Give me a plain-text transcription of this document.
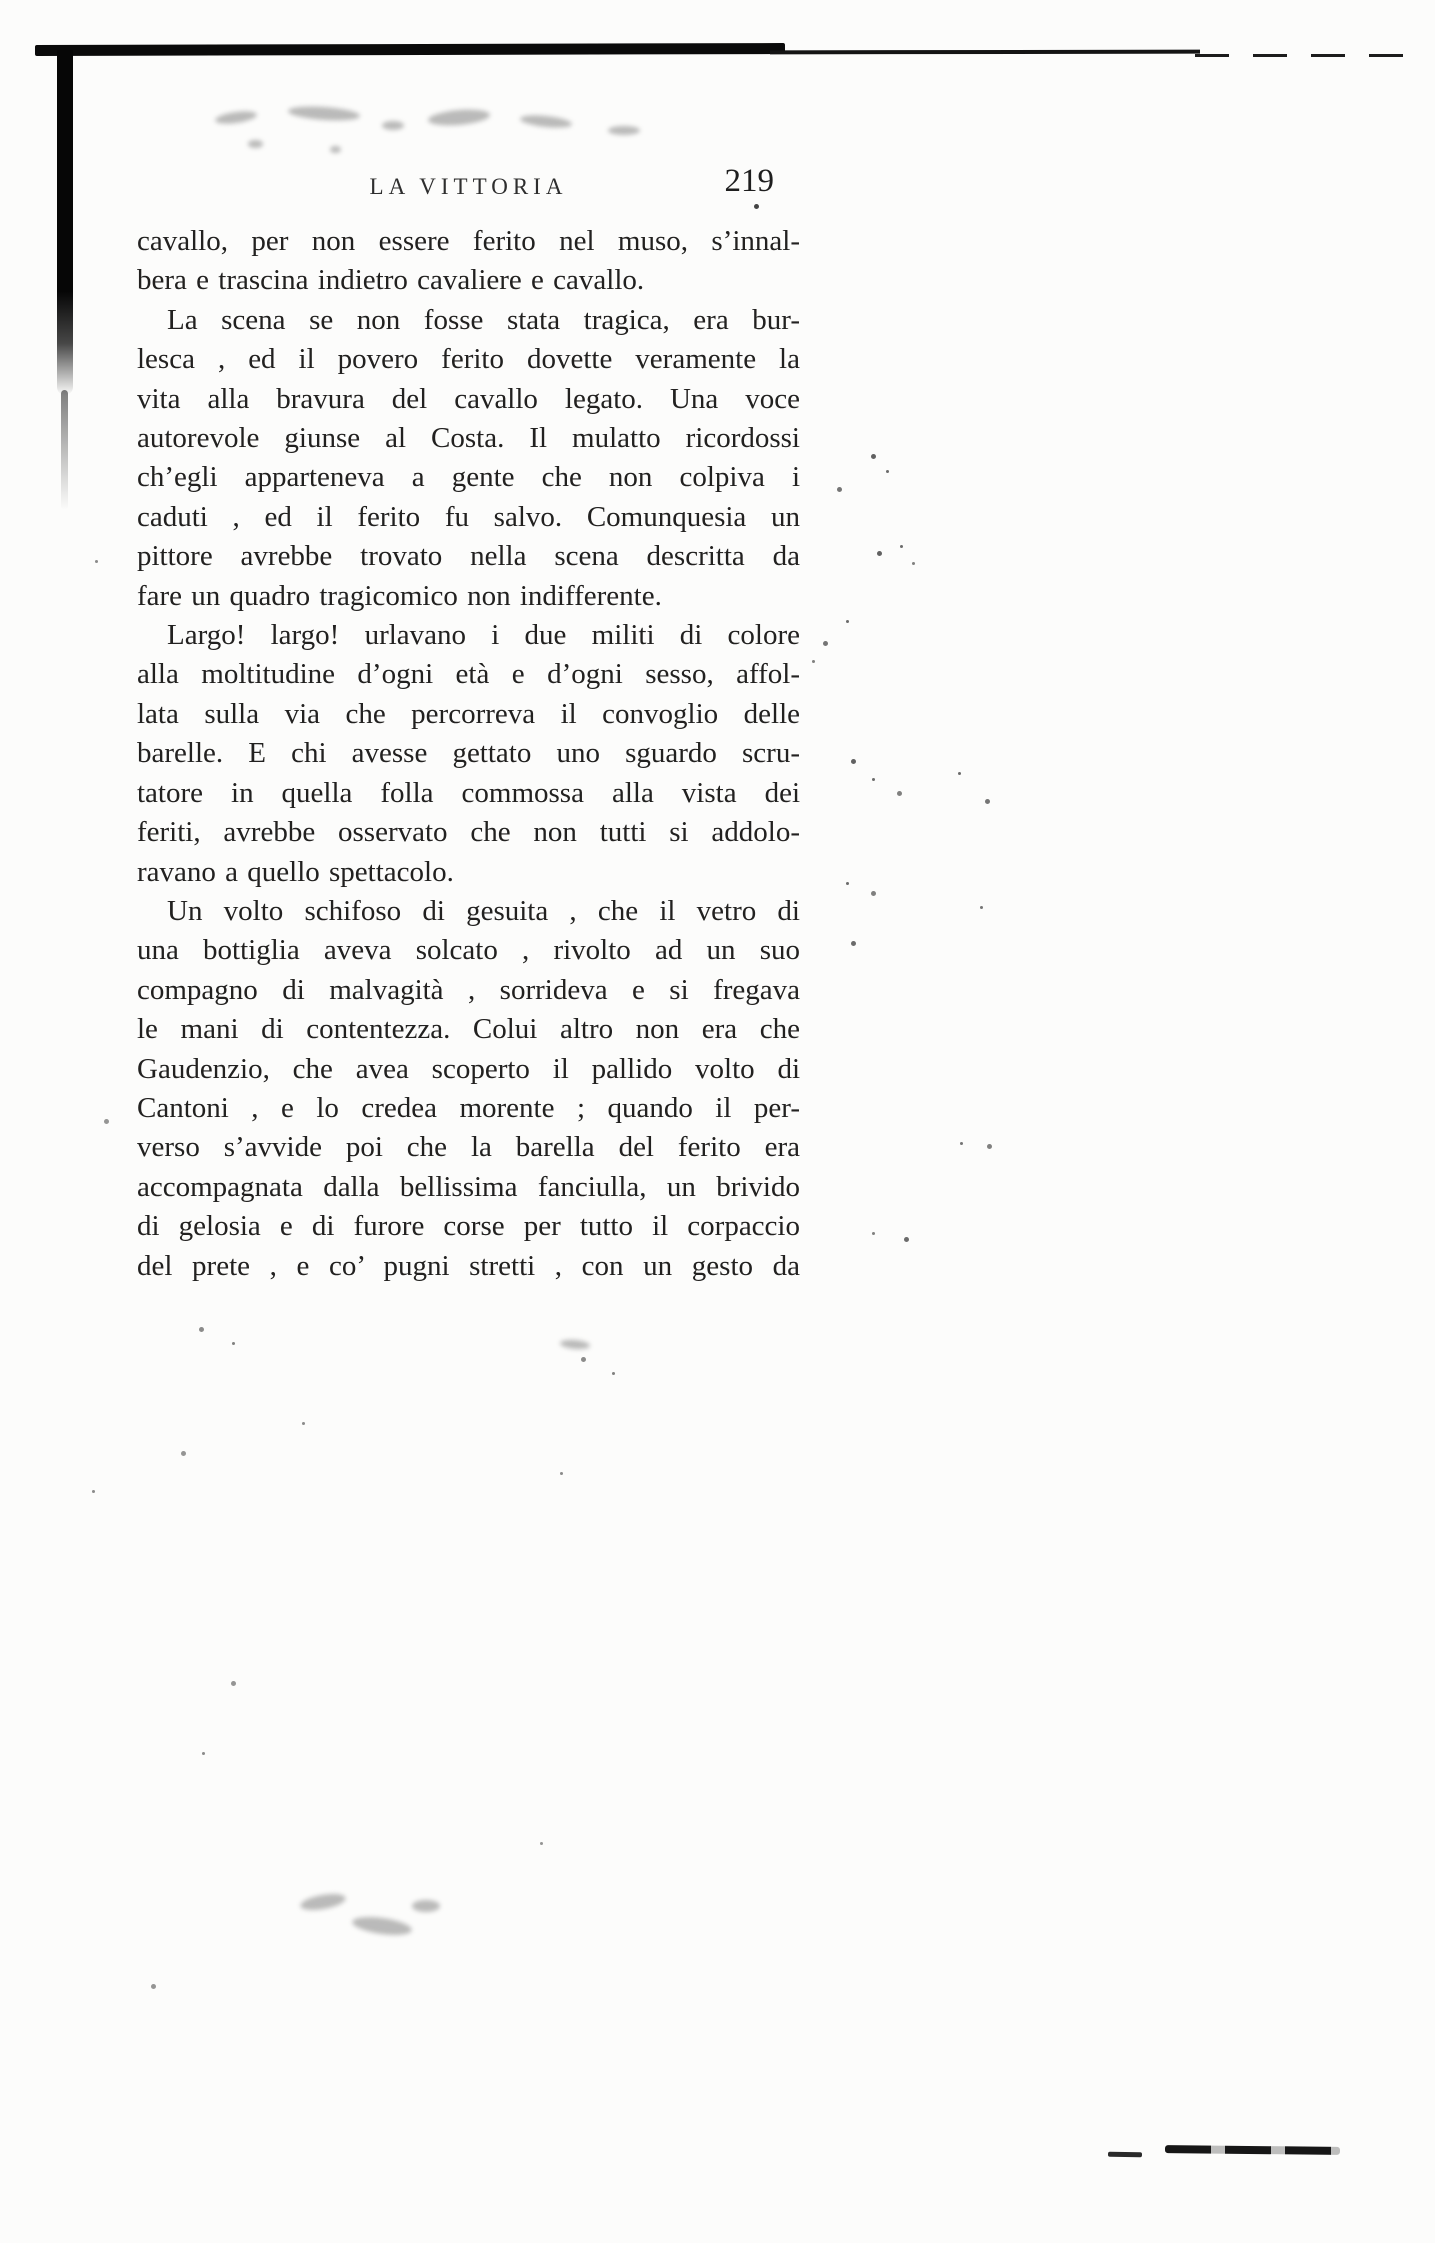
LA VITTORIA	219
cavallo, per non essere ferito nel muso, s’innal-
bera e trascina indietro cavaliere e cavallo.
La scena se non fosse stata tragica, era bur-
lesca , ed il povero ferito dovette veramente la
vita alla bravura del cavallo legato. Una voce
autorevole giunse al Costa. Il mulatto ricordossi
ch’egli apparteneva a gente che non colpiva i
caduti , ed il ferito fu salvo. Comunquesia un
pittore avrebbe trovato nella scena descritta da
fare un quadro tragicomico non indifferente.
Largo! largo! urlavano i due militi di colore
alla moltitudine d’ogni età e d’ogni sesso, affol-
lata sulla via che percorreva il convoglio delle
barelle. E chi avesse gettato uno sguardo scru-
tatore in quella folla commossa alla vista dei
feriti, avrebbe osservato che non tutti si addolo-
ravano a quello spettacolo.
Un volto schifoso di gesuita , che il vetro di
una bottiglia aveva solcato , rivolto ad un suo
compagno di malvagità , sorrideva e si fregava
le mani di contentezza. Colui altro non era che
Gaudenzio, che avea scoperto il pallido volto di
Cantoni , e lo credea morente ; quando il per-
verso s’avvide poi che la barella del ferito era
accompagnata dalla bellissima fanciulla, un brivido
di gelosia e di furore corse per tutto il corpaccio
del prete , e co’ pugni stretti , con un gesto da
